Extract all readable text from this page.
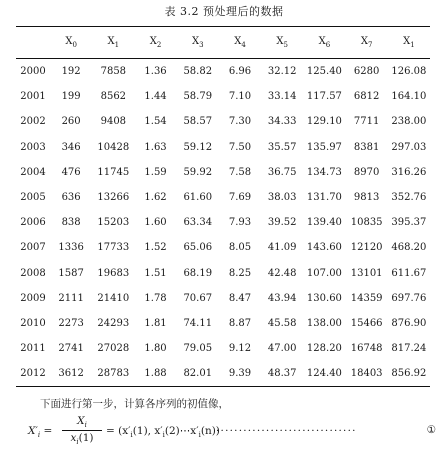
表 3.2 预处理后的数据
	$X_0$	$X_1$	$X_2$	$X_3$	$X_4$	$X_5$	$X_6$	$X_7$	$X_1$
2000	192	7858	1.36	58.82	6.96	32.12	125.40	6280	126.08
2001	199	8562	1.44	58.79	7.10	33.14	117.57	6812	164.10
2002	260	9408	1.54	58.57	7.30	34.33	129.10	7711	238.00
2003	346	10428	1.63	59.12	7.50	35.57	135.97	8381	297.03
2004	476	11745	1.59	59.92	7.58	36.75	134.73	8970	316.26
2005	636	13266	1.62	61.60	7.69	38.03	131.70	9813	352.76
2006	838	15203	1.60	63.34	7.93	39.52	139.40	10835	395.37
2007	1336	17733	1.52	65.06	8.05	41.09	143.60	12120	468.20
2008	1587	19683	1.51	68.19	8.25	42.48	107.00	13101	611.67
2009	2111	21410	1.78	70.67	8.47	43.94	130.60	14359	697.76
2010	2273	24293	1.81	74.11	8.87	45.58	138.00	15466	876.90
2011	2741	27028	1.80	79.05	9.12	47.00	128.20	16748	817.24
2012	3612	28783	1.88	82.01	9.39	48.37	124.40	18403	856.92
下面进行第一步，计算各序列的初值像，
$X'_i = \frac{X_i}{x_i(1)} = (x'_i(1)$, $x'_i(2)\cdots x'_i(n)$)
·······························	①
